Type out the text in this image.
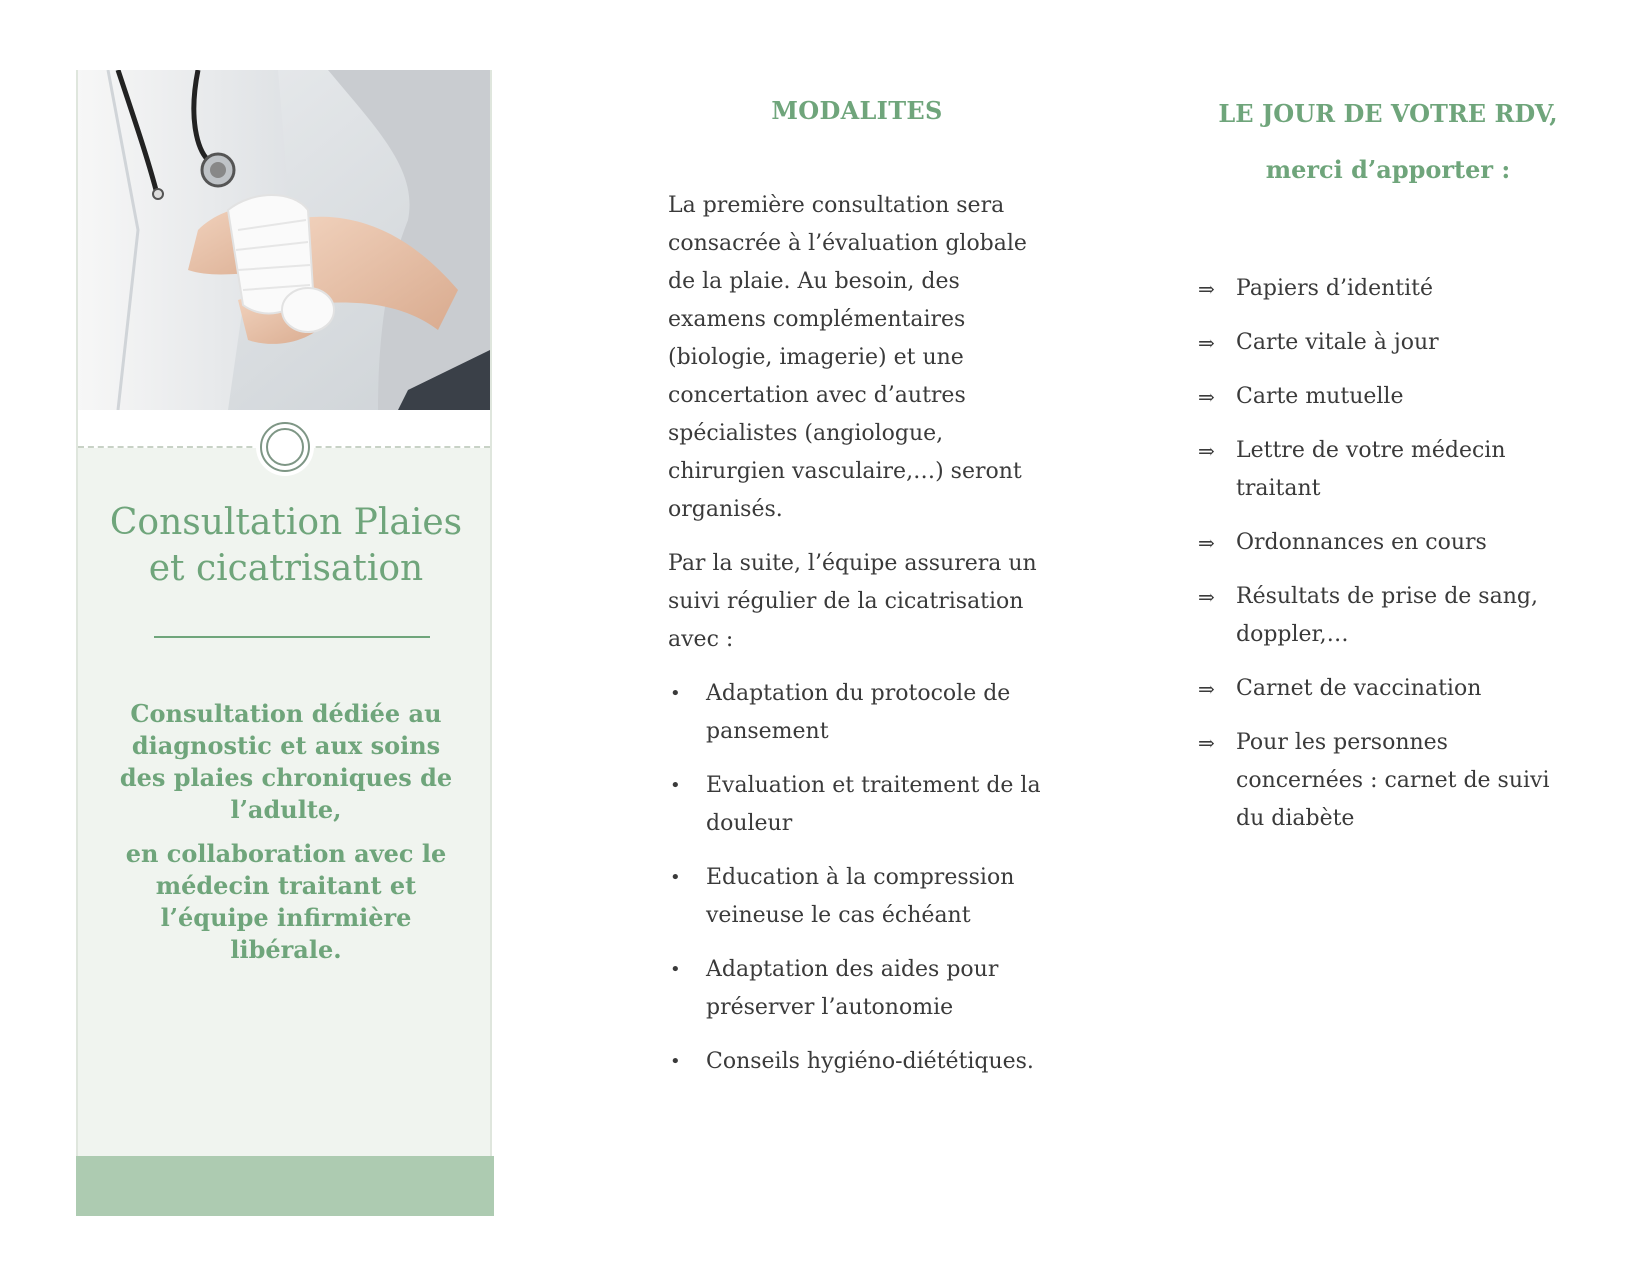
Consultation Plaies
et cicatrisation

Consultation dédiée au diagnostic et aux soins des plaies chroniques de l’adulte,

en collaboration avec le médecin traitant et l’équipe infirmière libérale.

MODALITES

La première consultation sera consacrée à l’évaluation globale de la plaie. Au besoin, des examens complémentaires (biologie, imagerie) et une concertation avec d’autres spécialistes (angiologue, chirurgien vasculaire,…) seront organisés.

Par la suite, l’équipe assurera un suivi régulier de la cicatrisation avec :

• Adaptation du protocole de pansement
• Evaluation et traitement de la douleur
• Education à la compression veineuse le cas échéant
• Adaptation des aides pour préserver l’autonomie
• Conseils hygiéno-diététiques.
LE JOUR DE VOTRE RDV,
merci d’apporter :
⇒ Papiers d’identité
⇒ Carte vitale à jour
⇒ Carte mutuelle
⇒ Lettre de votre médecin traitant
⇒ Ordonnances en cours
⇒ Résultats de prise de sang, doppler,…
⇒ Carnet de vaccination
⇒ Pour les personnes concernées : carnet de suivi du diabète
